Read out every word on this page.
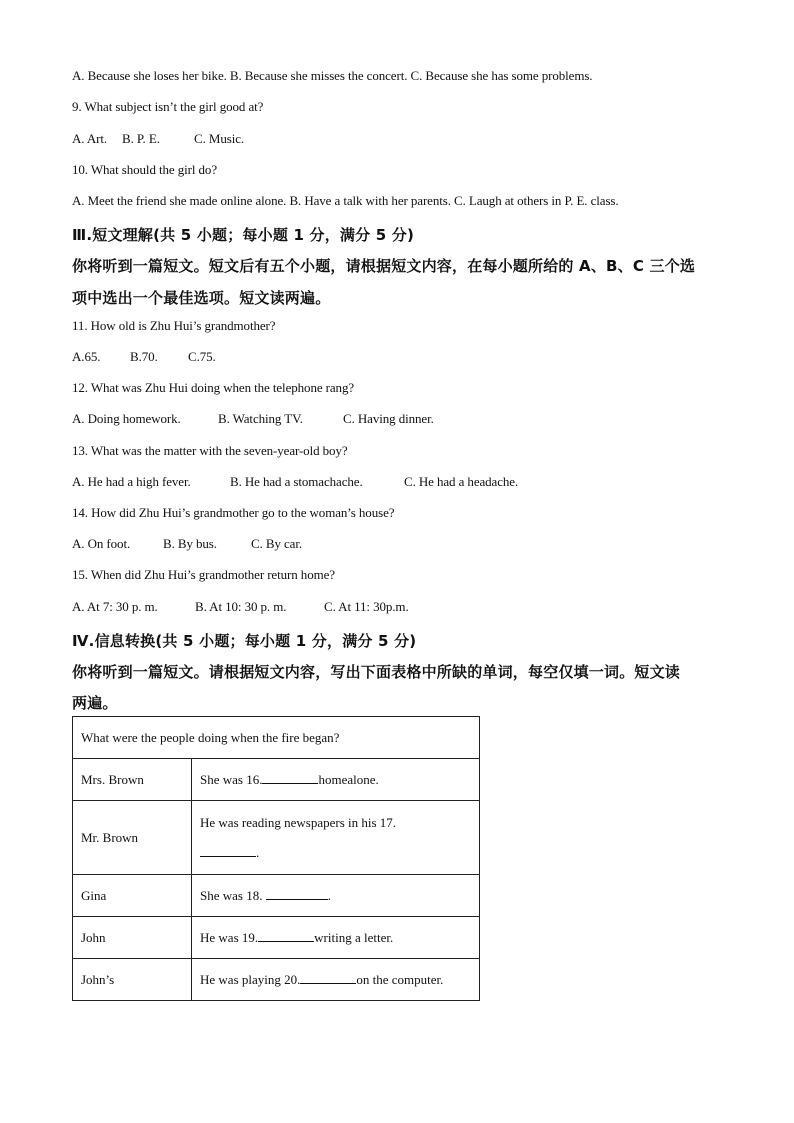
A. Because she loses her bike. B. Because she misses the concert. C. Because she has some problems.
9. What subject isn’t the girl good at?
A. Art. B. P. E.	C. Music.
10. What should the girl do?
A. Meet the friend she made online alone. B. Have a talk with her parents. C. Laugh at others in P. E. class.
Ⅲ.短文理解(共 5 小题；每小题 1 分，满分 5 分)
你将听到一篇短文。短文后有五个小题，请根据短文内容，在每小题所给的 A、B、C 三个选
项中选出一个最佳选项。短文读两遍。
11. How old is Zhu Hui’s grandmother?
A.65. B.70. C.75.
12. What was Zhu Hui doing when the telephone rang?
A. Doing homework.	B. Watching TV.	C. Having dinner.
13. What was the matter with the seven-year-old boy?
A. He had a high fever.	B. He had a stomachache.	C. He had a headache.
14. How did Zhu Hui’s grandmother go to the woman’s house?
A. On foot.	B. By bus.	C. By car.
15. When did Zhu Hui’s grandmother return home?
A. At 7: 30 p. m.	B. At 10: 30 p. m.	C. At 11: 30p.m.
Ⅳ.信息转换(共 5 小题；每小题 1 分，满分 5 分)
你将听到一篇短文。请根据短文内容，写出下面表格中所缺的单词，每空仅填一词。短文读
两遍。
What were the people doing when the fire began?	
Mrs. Brown	She was 16. homealone.
Mr. Brown	He was reading newspapers in his 17.
.
Gina	She was 18. .
John	He was 19. writing a letter.
John’s	He was playing 20. on the computer.
